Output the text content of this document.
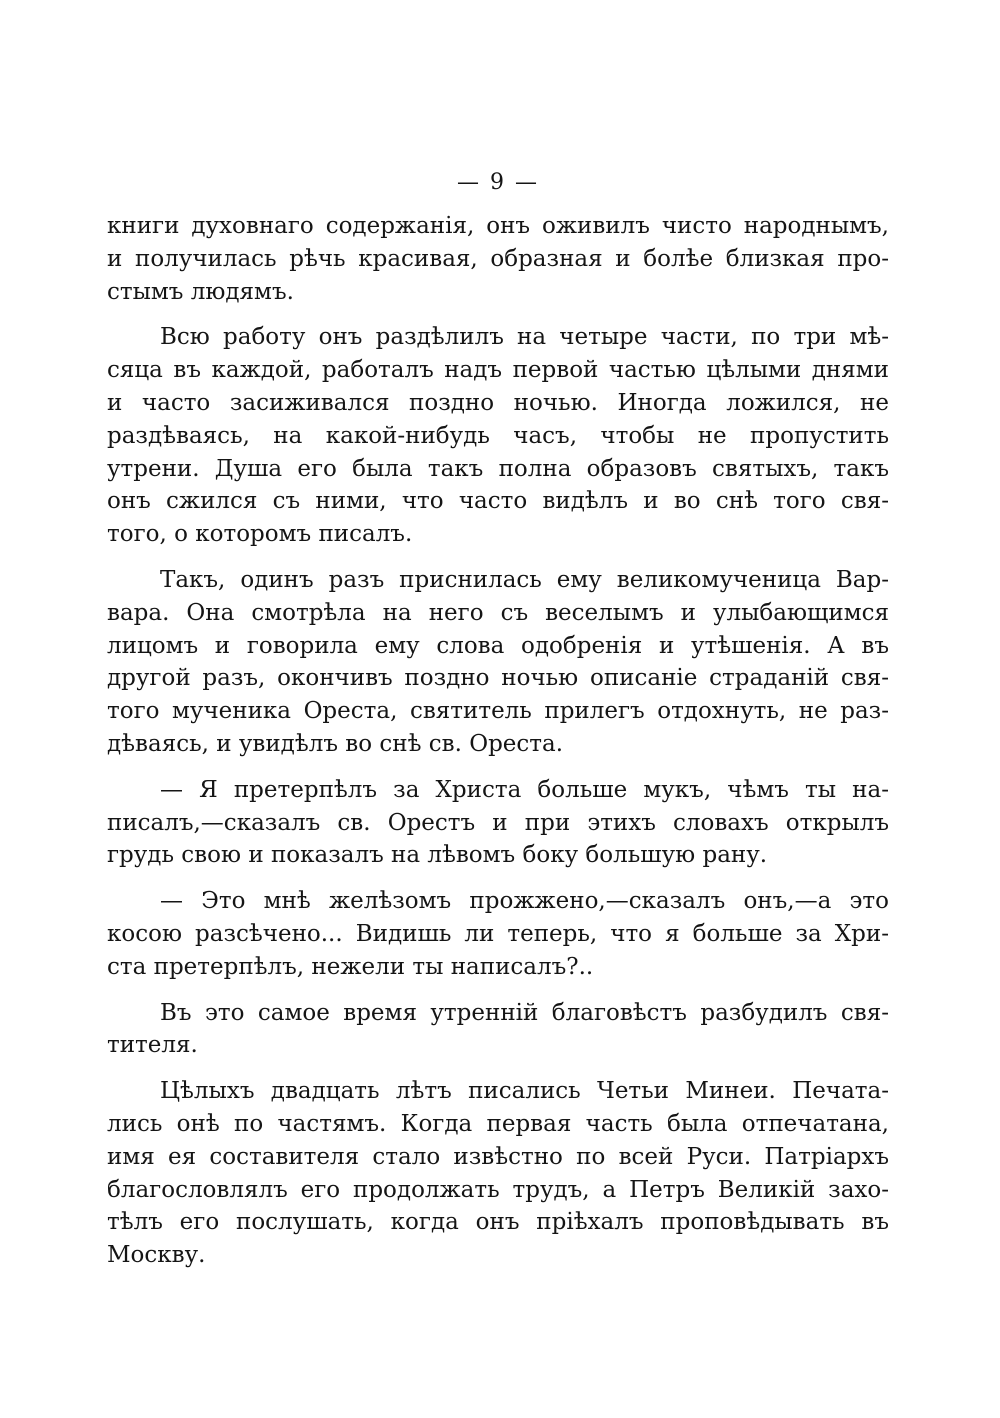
— 9 —
книги духовнаго содержанія, онъ оживилъ чисто народнымъ,
и получилась рѣчь красивая, образная и болѣе близкая про-
стымъ людямъ.
Всю работу онъ раздѣлилъ на четыре части, по три мѣ-
сяца въ каждой, работалъ надъ первой частью цѣлыми днями
и часто засиживался поздно ночью. Иногда ложился, не
раздѣваясь, на какой-нибудь часъ, чтобы не пропустить
утрени. Душа его была такъ полна образовъ святыхъ, такъ
онъ сжился съ ними, что часто видѣлъ и во снѣ того свя-
того, о которомъ писалъ.
Такъ, одинъ разъ приснилась ему великомученица Вар-
вара. Она смотрѣла на него съ веселымъ и улыбающимся
лицомъ и говорила ему слова одобренія и утѣшенія. А въ
другой разъ, окончивъ поздно ночью описаніе страданій свя-
того мученика Ореста, святитель прилегъ отдохнуть, не раз-
дѣваясь, и увидѣлъ во снѣ св. Ореста.
— Я претерпѣлъ за Христа больше мукъ, чѣмъ ты на-
писалъ,—сказалъ св. Орестъ и при этихъ словахъ открылъ
грудь свою и показалъ на лѣвомъ боку большую рану.
— Это мнѣ желѣзомъ прожжено,—сказалъ онъ,—а это
косою разсѣчено... Видишь ли теперь, что я больше за Хри-
ста претерпѣлъ, нежели ты написалъ?..
Въ это самое время утренній благовѣстъ разбудилъ свя-
тителя.
Цѣлыхъ двадцать лѣтъ писались Четьи Минеи. Печата-
лись онѣ по частямъ. Когда первая часть была отпечатана,
имя ея составителя стало извѣстно по всей Руси. Патріархъ
благословлялъ его продолжать трудъ, а Петръ Великій захо-
тѣлъ его послушать, когда онъ пріѣхалъ проповѣдывать въ
Москву.
